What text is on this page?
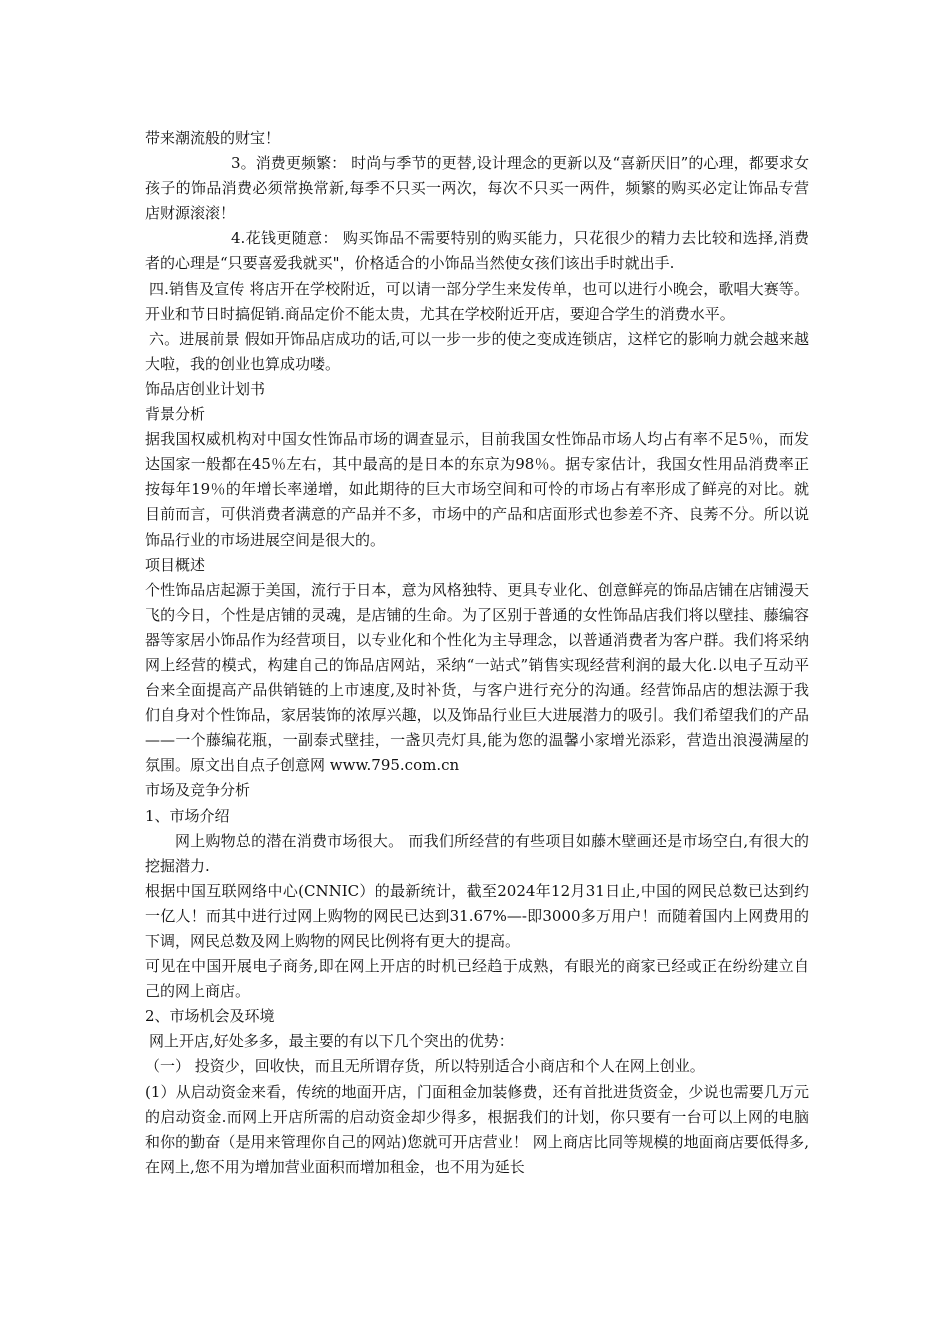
带来潮流般的财宝！

3。消费更频繁： 时尚与季节的更替,设计理念的更新以及“喜新厌旧”的心理，都要求女孩子的饰品消费必须常换常新,每季不只买一两次，每次不只买一两件，频繁的购买必定让饰品专营店财源滚滚！

4.花钱更随意： 购买饰品不需要特别的购买能力，只花很少的精力去比较和选择,消费者的心理是“只要喜爱我就买"，价格适合的小饰品当然使女孩们该出手时就出手.

四.销售及宣传 将店开在学校附近，可以请一部分学生来发传单，也可以进行小晚会，歌唱大赛等。开业和节日时搞促销.商品定价不能太贵，尤其在学校附近开店，要迎合学生的消费水平。

六。进展前景 假如开饰品店成功的话,可以一步一步的使之变成连锁店，这样它的影响力就会越来越大啦，我的创业也算成功喽。

饰品店创业计划书

背景分析

据我国权威机构对中国女性饰品市场的调查显示，目前我国女性饰品市场人均占有率不足5％，而发达国家一般都在45％左右，其中最高的是日本的东京为98％。据专家估计，我国女性用品消费率正按每年19％的年增长率递增，如此期待的巨大市场空间和可怜的市场占有率形成了鲜亮的对比。就目前而言，可供消费者满意的产品并不多，市场中的产品和店面形式也参差不齐、良莠不分。所以说饰品行业的市场进展空间是很大的。

项目概述

个性饰品店起源于美国，流行于日本，意为风格独特、更具专业化、创意鲜亮的饰品店铺在店铺漫天飞的今日，个性是店铺的灵魂，是店铺的生命。为了区别于普通的女性饰品店我们将以壁挂、藤编容器等家居小饰品作为经营项目，以专业化和个性化为主导理念，以普通消费者为客户群。我们将采纳网上经营的模式，构建自己的饰品店网站，采纳“一站式”销售实现经营利润的最大化.以电子互动平台来全面提高产品供销链的上市速度,及时补货，与客户进行充分的沟通。经营饰品店的想法源于我们自身对个性饰品，家居装饰的浓厚兴趣，以及饰品行业巨大进展潜力的吸引。我们希望我们的产品——一个藤编花瓶，一副泰式壁挂，一盏贝壳灯具,能为您的温馨小家增光添彩，营造出浪漫满屋的氛围。原文出自点子创意网 www.795.com.cn

市场及竞争分析

1、市场介绍

网上购物总的潜在消费市场很大。 而我们所经营的有些项目如藤木壁画还是市场空白,有很大的挖掘潜力.

根据中国互联网络中心(CNNIC）的最新统计，截至2024年12月31日止,中国的网民总数已达到约一亿人！而其中进行过网上购物的网民已达到31.67%—-即3000多万用户！而随着国内上网费用的下调，网民总数及网上购物的网民比例将有更大的提高。

可见在中国开展电子商务,即在网上开店的时机已经趋于成熟，有眼光的商家已经或正在纷纷建立自己的网上商店。

2、市场机会及环境

网上开店,好处多多，最主要的有以下几个突出的优势：

（一） 投资少，回收快，而且无所谓存货，所以特别适合小商店和个人在网上创业。

(1）从启动资金来看，传统的地面开店，门面租金加装修费，还有首批进货资金，少说也需要几万元的启动资金.而网上开店所需的启动资金却少得多，根据我们的计划，你只要有一台可以上网的电脑和你的勤奋（是用来管理你自己的网站)您就可开店营业！ 网上商店比同等规模的地面商店要低得多,在网上,您不用为增加营业面积而增加租金，也不用为延长
